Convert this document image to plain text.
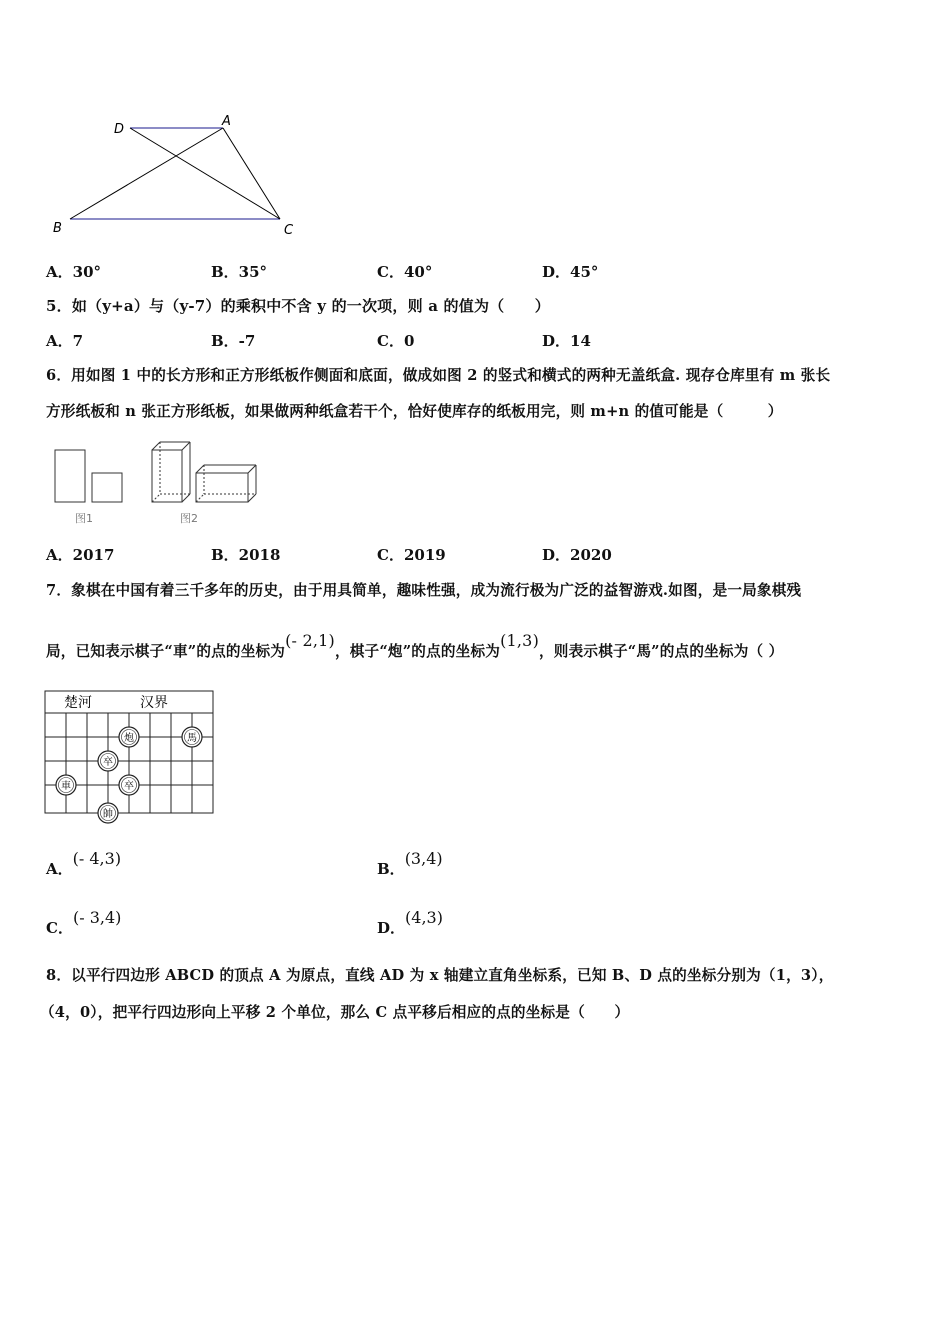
D
A
B	C
A．30°	B．35°	C．40°	D．45°
5．如（y+a）与（y-7）的乘积中不含 y 的一次项，则 a 的值为（　　）
A．7	B．-7	C．0	D．14
6．用如图 1 中的长方形和正方形纸板作侧面和底面，做成如图 2 的竖式和横式的两种无盖纸盒. 现存仓库里有 m 张长
方形纸板和 n 张正方形纸板，如果做两种纸盒若干个，恰好使库存的纸板用完，则 m+n 的值可能是（　　　）
图1	图2
A．2017	B．2018	C．2019	D．2020
7．象棋在中国有着三千多年的历史，由于用具简单，趣味性强，成为流行极为广泛的益智游戏.如图，是一局象棋残
局，已知表示棋子“車”的点的坐标为(- 2,1)，棋子“炮”的点的坐标为(1,3)，则表示棋子“馬”的点的坐标为（ ）
楚河	汉界
炮	馬
卒
卒
車
帥
A．(- 4,3)
B．(3,4)
C．(- 3,4)
D．(4,3)
8．以平行四边形 ABCD 的顶点 A 为原点，直线 AD 为 x 轴建立直角坐标系，已知 B、D 点的坐标分别为（1，3），
（4，0），把平行四边形向上平移 2 个单位，那么 C 点平移后相应的点的坐标是（　　）
